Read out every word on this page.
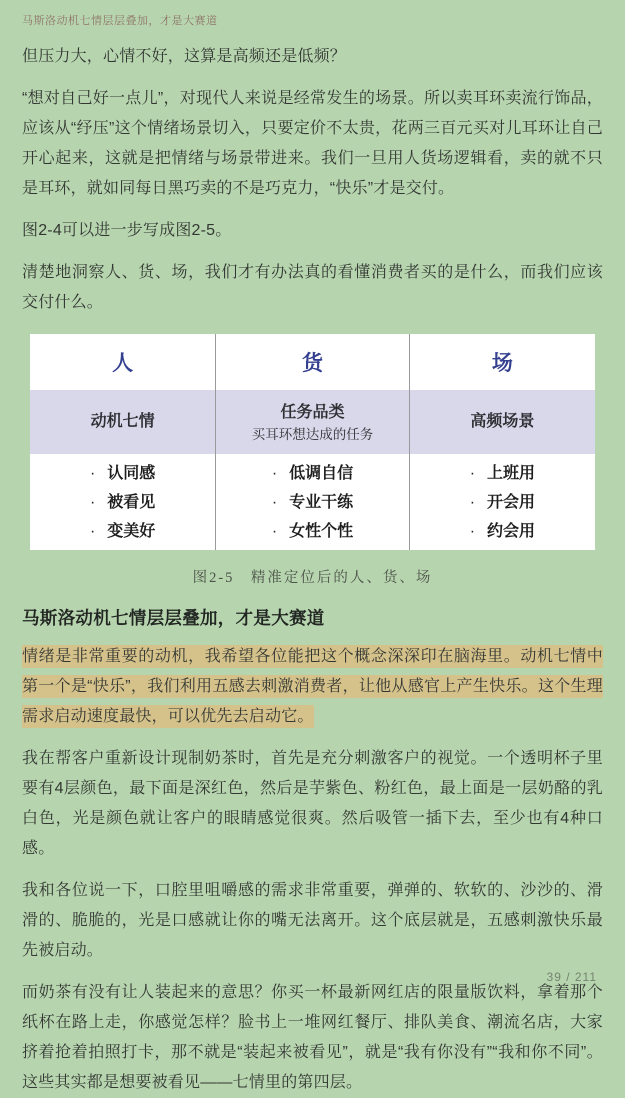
马斯洛动机七情层层叠加，才是大赛道

但压力大，心情不好，这算是高频还是低频？

“想对自己好一点儿”，对现代人来说是经常发生的场景。所以卖耳环卖流行饰品，应该从“纾压”这个情绪场景切入，只要定价不太贵，花两三百元买对儿耳环让自己开心起来，这就是把情绪与场景带进来。我们一旦用人货场逻辑看，卖的就不只是耳环，就如同每日黑巧卖的不是巧克力，“快乐”才是交付。

图2-4可以进一步写成图2-5。

清楚地洞察人、货、场，我们才有办法真的看懂消费者买的是什么，而我们应该交付什么。

人
动机七情
· 认同感
· 被看见
· 变美好
货
任务品类
买耳环想达成的任务
· 低调自信
· 专业干练
· 女性个性
场
高频场景
· 上班用
· 开会用
· 约会用
图2-5　精准定位后的人、货、场
马斯洛动机七情层层叠加，才是大赛道

情绪是非常重要的动机，我希望各位能把这个概念深深印在脑海里。动机七情中第一个是“快乐”，我们利用五感去刺激消费者，让他从感官上产生快乐。这个生理需求启动速度最快，可以优先去启动它。

我在帮客户重新设计现制奶茶时，首先是充分刺激客户的视觉。一个透明杯子里要有4层颜色，最下面是深红色，然后是芋紫色、粉红色，最上面是一层奶酪的乳白色，光是颜色就让客户的眼睛感觉很爽。然后吸管一插下去，至少也有4种口感。

我和各位说一下，口腔里咀嚼感的需求非常重要，弹弹的、软软的、沙沙的、滑滑的、脆脆的，光是口感就让你的嘴无法离开。这个底层就是，五感刺激快乐最先被启动。

而奶茶有没有让人装起来的意思？你买一杯最新网红店的限量版饮料，拿着那个纸杯在路上走，你感觉怎样？脸书上一堆网红餐厅、排队美食、潮流名店，大家挤着抢着拍照打卡，那不就是“装起来被看见”，就是“我有你没有”“我和你不同”。这些其实都是想要被看见——七情里的第四层。

39 / 211
